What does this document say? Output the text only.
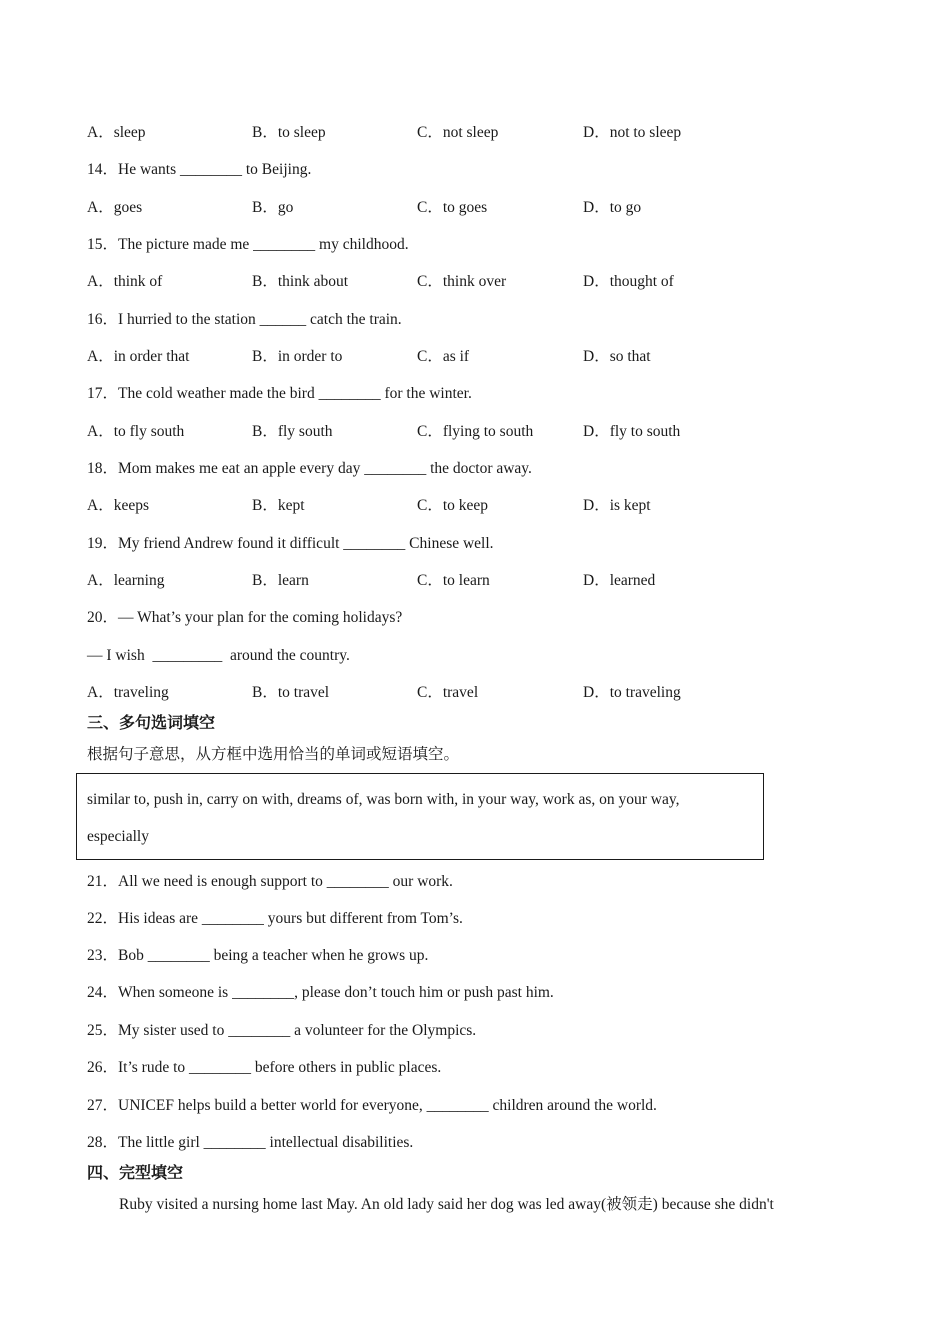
A．sleep	B．to sleep	C．not sleep	D．not to sleep
14．He wants ________ to Beijing.
A．goes	B．go	C．to goes	D．to go
15．The picture made me ________ my childhood.
A．think of	B．think about	C．think over	D．thought of
16．I hurried to the station ______ catch the train.
A．in order that	B．in order to	C．as if	D．so that
17．The cold weather made the bird ________ for the winter.
A．to fly south	B．fly south	C．flying to south	D．fly to south
18．Mom makes me eat an apple every day ________ the doctor away.
A．keeps	B．kept	C．to keep	D．is kept
19．My friend Andrew found it difficult ________ Chinese well.
A．learning	B．learn	C．to learn	D．learned
20．— What’s your plan for the coming holidays?
— I wish  _________  around the country.
A．traveling	B．to travel	C．travel	D．to traveling
三、多句选词填空
根据句子意思，从方框中选用恰当的单词或短语填空。
similar to, push in, carry on with, dreams of, was born with, in your way, work as, on your way,
especially
21．All we need is enough support to ________ our work.
22．His ideas are ________ yours but different from Tom’s.
23．Bob ________ being a teacher when he grows up.
24．When someone is ________, please don’t touch him or push past him.
25．My sister used to ________ a volunteer for the Olympics.
26．It’s rude to ________ before others in public places.
27．UNICEF helps build a better world for everyone, ________ children around the world.
28．The little girl ________ intellectual disabilities.
四、完型填空
Ruby visited a nursing home last May. An old lady said her dog was led away(被领走) because she didn't
